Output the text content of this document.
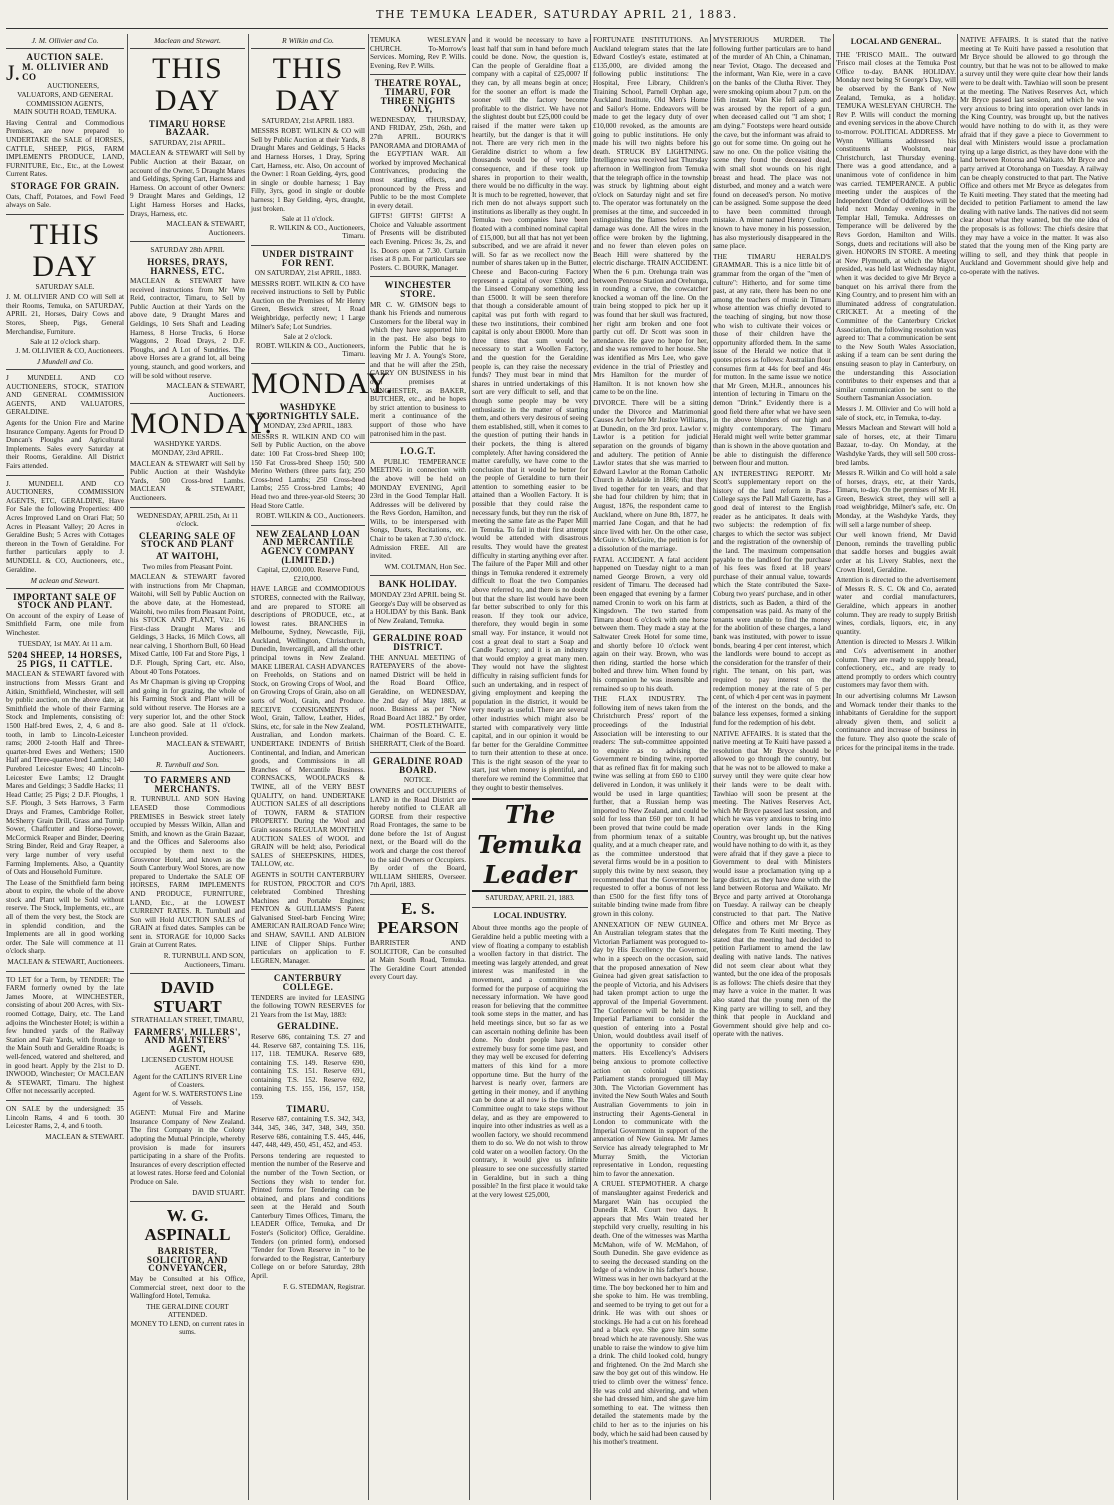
THE TEMUKA LEADER, SATURDAY APRIL 21, 1883.
J. M. Ollivier and Co.
AUCTION SALE.
J. M. OLLIVIER AND CO
AUCTIONEERS,
VALUATORS, AND GENERAL COMMISSION AGENTS,
MAIN SOUTH ROAD, TEMUKA.
Having Central and Commodious Premises, are now prepared to UNDERTAKE the SALE of HORSES, CATTLE, SHEEP, PIGS, FARM IMPLEMENTS PRODUCE, LAND, FURNITURE, Etc., Etc., at the Lowest Current Rates.
STORAGE FOR GRAIN.
Oats, Chaff, Potatoes, and Fowl Feed always on Sale.
THIS DAY
SATURDAY SALE.
J. M. OLLIVIER AND CO will Sell at their Rooms, Temuka, on SATURDAY, APRIL 21, Horses, Dairy Cows and Stores, Sheep, Pigs, General Merchandise, Furniture.
Sale at 12 o'clock sharp.
J. M. OLLIVIER & CO, Auctioneers.
J Mundell and Co.
J MUNDELL AND CO AUCTIONEERS, STOCK, STATION AND GENERAL COMMISSION AGENTS, AND VALUATORS, GERALDINE.
Agents for the Union Fire and Marine Insurance Company. Agents for Proud D Duncan's Ploughs and Agricultural Implements. Sales every Saturday at their Rooms, Geraldine. All District Fairs attended.
J. MUNDELL AND CO AUCTIONERS, COMMISSION AGENTS, ETC, GERALDINE, Have For Sale the following Properties: 400 Acres Improved Land on Orari Flat; 50 Acres in Pleasant Valley; 20 Acres in Geraldine Bush; 5 Acres with Cottages thereon in the Town of Geraldine. For further particulars apply to J. MUNDELL & CO, Auctioneers, etc., Geraldine.
M aclean and Stewart.
IMPORTANT SALE OF STOCK AND PLANT.
On account of the expiry of Lease of Smithfield Farm, one mile from Winchester.
TUESDAY, 1st MAY. At 11 a.m.
5204 SHEEP, 14 HORSES, 25 PIGS, 11 CATTLE.
MACLEAN & STEWART favored with instructions from Messrs Grant and Aitkin, Smithfield, Winchester, will sell by public auction, on the above date, at Smithfield the whole of their Farming Stock and Implements, consisting of: 1500 Half-bred Ewes, 2, 4, 6 and 8-tooth, in lamb to Lincoln-Leicester rams; 2000 2-tooth Half and Three-quarter-bred Ewes and Wethers; 1500 Half and Three-quarter-bred Lambs; 140 Purebred Leicester Ewes; 40 Lincoln-Leicester Ewe Lambs; 12 Draught Mares and Geldings; 3 Saddle Hacks; 11 Head Cattle; 25 Pigs; 2 D.F. Ploughs, 1 S.F. Plough, 3 Sets Harrows, 3 Farm Drays and Frames, Cambridge Roller, McSherry Grain Drill, Grass and Turnip Sower, Chaffcutter and Horse-power, McCormick Reaper and Binder, Deering String Binder, Reid and Gray Reaper, a very large number of very useful Farming Implements. Also, a Quantity of Oats and Household Furniture.
The Lease of the Smithfield farm being about to expire, the whole of the above stock and Plant will be Sold without reserve. The Stock, Implements, etc., are all of them the very best, the Stock are in splendid condition, and the Implements are all in good working order. The Sale will commence at 11 o'clock sharp.
MACLEAN & STEWART, Auctioneers.
TO LET for a Term, by TENDER: The FARM formerly owned by the late James Moore, at WINCHESTER, consisting of about 200 Acres, with Six-roomed Cottage, Dairy, etc. The Land adjoins the Winchester Hotel; is within a few hundred yards of the Railway Station and Fair Yards, with frontage to the Main South and Geraldine Roads; is well-fenced, watered and sheltered, and in good heart. Apply by the 21st to D. INWOOD, Winchester; Or MACLEAN & STEWART, Timaru. The highest Offer not necessarily accepted.
ON SALE by the undersigned: 35 Lincoln Rams, 4 and 6 tooth. 30 Leicester Rams, 2, 4, and 6 tooth.
MACLEAN & STEWART.
Maclean and Stewart.
THIS DAY
TIMARU HORSE BAZAAR.
SATURDAY, 21st APRIL.
MACLEAN & STEWART will Sell by Public Auction at their Bazaar, on account of the Owner, 5 Draught Mares and Geldings, Spring Cart, Harness and Harness. On account of other Owners: 9 Draught Mares and Geldings, 12 Light Harness Horses and Hacks, Drays, Harness, etc.
MACLEAN & STEWART, Auctioneers.
SATURDAY 28th APRIL
HORSES, DRAYS, HARNESS, ETC.
MACLEAN & STEWART have received instructions from Mr Wm Reid, contractor, Timaru, to Sell by Public Auction at their Yards on the above date, 9 Draught Mares and Geldings, 10 Sets Shaft and Leading Harness, 8 Horse Trucks, 6 Horse Waggons, 2 Road Drays, 2 D.F. Ploughs, and A Lot of Sundries. The above Horses are a grand lot, all being young, staunch, and good workers, and will be sold without reserve.
MACLEAN & STEWART, Auctioneers.
MONDAY.
WASHDYKE YARDS.
MONDAY, 23rd APRIL.
MACLEAN & STEWART will Sell by Public Auction at their Washdyke Yards, 500 Cross-bred Lambs. MACLEAN & STEWART, Auctioneers.
WEDNESDAY, APRIL 25th, At 11 o'clock.
CLEARING SALE OF STOCK AND PLANT
AT WAITOHI,
Two miles from Pleasant Point.
MACLEAN & STEWART favored with instructions from Mr Chapman, Waitohi, will Sell by Public Auction on the above date, at the Homestead, Waitohi, two miles from Pleasant Point, his STOCK AND PLANT, Viz.: 16 First-class Draught Mares and Geldings, 3 Hacks, 16 Milch Cows, all near calving, 1 Shorthorn Bull, 60 Head Mixed Cattle, 100 Fat and Store Pigs, 1 D.F. Plough, Spring Cart, etc. Also, About 40 Tons Potatoes.
As Mr Chapman is giving up Cropping and going in for grazing, the whole of his Farming Stock and Plant will be sold without reserve. The Horses are a very superior lot, and the other Stock are also good. Sale at 11 o'clock. Luncheon provided.
MACLEAN & STEWART, Auctioneers.
R. Turnbull and Son.
TO FARMERS AND MERCHANTS.
R. TURNBULL AND SON Having LEASED those Commodious PREMISES in Beswick street lately occupied by Messrs Wilkin, Allan and Smith, and known as the Grain Bazaar, and the Offices and Salerooms also occupied by them next to the Grosvenor Hotel, and known as the South Canterbury Wool Stores, are now prepared to Undertake the SALE OF HORSES, FARM IMPLEMENTS AND PRODUCE, FURNITURE, LAND, Etc., at the LOWEST CURRENT RATES. R. Turnbull and Son will Hold AUCTION SALES of GRAIN at fixed dates. Samples can be sent in. STORAGE for 10,000 Sacks Grain at Current Rates.
R. TURNBULL AND SON, Auctioneers, Timaru.
DAVID STUART
STRATHALLAN STREET, TIMARU,
FARMERS', MILLERS', AND MALTSTERS' AGENT,
LICENSED CUSTOM HOUSE AGENT.
Agent for the CATLIN'S RIVER Line of Coasters.
Agent for W. S. WATERSTON'S Line of Vessels.
AGENT: Mutual Fire and Marine Insurance Company of New Zealand. The first Company in the Colony adopting the Mutual Principle, whereby provision is made for insurers participating in a share of the Profits. Insurances of every description effected at lowest rates. Horse feed and Colonial Produce on Sale.
DAVID STUART.
W. G. ASPINALL
BARRISTER, SOLICITOR, AND CONVEYANCER,
May be Consulted at his Office, Commercial street, next door to the Wallingford Hotel, Temuka.
THE GERALDINE COURT ATTENDED.
MONEY TO LEND, on current rates in sums.
R Wilkin and Co.
THIS DAY
SATURDAY, 21st APRIL 1883.
MESSRS ROBT. WILKIN & CO will Sell by Public Auction at their Yards, 8 Draught Mares and Geldings, 5 Hacks and Harness Horses, 1 Dray, Spring Cart, Harness, etc. Also, On account of the Owner: 1 Roan Gelding, 4yrs, good in single or double harness; 1 Bay Filly, 3yrs, good in single or double harness; 1 Bay Gelding, 4yrs, draught, just broken.
Sale at 11 o'clock.
R. WILKIN & CO., Auctioneers, Timaru.
UNDER DISTRAINT FOR RENT.
ON SATURDAY, 21st APRIL, 1883.
MESSRS ROBT. WILKIN & CO have received instructions to Sell by Public Auction on the Premises of Mr Henry Green, Beswick street, 1 Road Weighbridge, perfectly new; 1 Large Milner's Safe; Lot Sundries.
Sale at 2 o'clock.
ROBT. WILKIN & CO., Auctioneers, Timaru.
MONDAY.
WASHDYKE FORTNIGHTLY SALE.
MONDAY, 23rd APRIL, 1883.
MESSRS R. WILKIN AND CO will Sell by Public Auction, on the above date: 100 Fat Cross-bred Sheep 100; 150 Fat Cross-bred Sheep 150; 500 Merino Wethers (three parts fat); 250 Cross-bred Lambs; 250 Cross-bred Lambs; 255 Cross-bred Lambs; 40 Head two and three-year-old Steers; 30 Head Store Cattle.
ROBT. WILKIN & CO., Auctioneers.
NEW ZEALAND LOAN AND MERCANTILE AGENCY COMPANY (LIMITED.)
Capital, £2,000,000. Reserve Fund, £210,000.
HAVE LARGE and COMMODIOUS STORES, connected with the Railway, and are prepared to STORE all descriptions of PRODUCE, etc., at lowest rates. BRANCHES in Melbourne, Sydney, Newcastle, Fiji, Auckland, Wellington, Christchurch, Dunedin, Invercargill, and all the other principal towns in New Zealand. MAKE LIBERAL CASH ADVANCES on Freeholds, on Stations and on Stock, on Growing Crops of Wool, and on Growing Crops of Grain, also on all sorts of Wool, Grain, and Produce. RECEIVE CONSIGNMENTS of Wool, Grain, Tallow, Leather, Hides, Skins, etc, for sale in the New Zealand, Australian, and London markets. UNDERTAKE INDENTS of British Continental, and Indian, and American goods, and Commissions in all Branches of Mercantile Business. CORNSACKS, WOOLPACKS & TWINE, all of the VERY BEST QUALITY, on hand. UNDERTAKE AUCTION SALES of all descriptions of TOWN, FARM & STATION PROPERTY. During the Wool and Grain seasons REGULAR MONTHLY AUCTION SALES of WOOL and GRAIN will be held; also, Periodical SALES of SHEEPSKINS, HIDES, TALLOW, etc.
AGENTS in SOUTH CANTERBURY for RUSTON, PROCTOR and CO'S celebrated Combined Threshing Machines and Portable Engines; FENTON & GUILLIAMS'S Patent Galvanised Steel-barb Fencing Wire; AMERICAN RAILROAD Fence Wire; and SHAW, SAVILL AND ALBION LINE of Clipper Ships. Further particulars on application to F. LEGREN, Manager.
CANTERBURY COLLEGE.
TENDERS are invited for LEASING the following TOWN RESERVES for 21 Years from the 1st May, 1883:
GERALDINE.
Reserve 686, containing T.S. 27 and 44. Reserve 687, containing T.S. 116, 117, 118. TEMUKA. Reserve 689, containing T.S. 149. Reserve 690, containing T.S. 151. Reserve 691, containing T.S. 152. Reserve 692, containing T.S. 155, 156, 157, 158, 159.
TIMARU.
Reserve 687, containing T.S. 342, 343, 344, 345, 346, 347, 348, 349, 350. Reserve 686, containing T.S. 445, 446, 447, 448, 449, 450, 451, 452, and 453.
Persons tendering are requested to mention the number of the Reserve and the number of the Town Section, or Sections they wish to tender for. Printed forms for Tendering can be obtained, and plans and conditions seen at the Herald and South Canterbury Times Offices, Timaru, the LEADER Office, Temuka, and Dr Foster's (Solicitor) Office, Geraldine. Tenders (on printed form), endorsed "Tender for Town Reserve in " to be forwarded to the Registrar, Canterbury College on or before Saturday, 28th April.
F. G. STEDMAN, Registrar.
TEMUKA WESLEYAN CHURCH. To-Morrow's Services. Morning, Rev P. Wills. Evening, Rev P. Wills.
THEATRE ROYAL, TIMARU, FOR THREE NIGHTS ONLY,
WEDNESDAY, THURSDAY, AND FRIDAY, 25th, 26th, and 27th APRIL. BOURK'S PANORAMA and DIORAMA of the EGYPTIAN WAR. All worked by improved Mechanical Contrivances, producing the most startling effects, and pronounced by the Press and Public to be the most Complete in every detail.
GIFTS! GIFTS! GIFTS! A Choice and Valuable assortment of Presents will be distributed each Evening. Prices: 3s, 2s, and 1s. Doors open at 7.30. Curtain rises at 8 p.m. For particulars see Posters. C. BOURK, Manager.
WINCHESTER STORE.
MR C. W. GIMSON begs to thank his Friends and numerous Customers for the liberal way in which they have supported him in the past. He also begs to inform the Public that he is leaving Mr J. A. Young's Store, and that he will after the 25th, CARRY ON BUSINESS in his own premises at WINCHESTER, as BAKER, BUTCHER, etc., and he hopes by strict attention to business to merit a continuance of the support of those who have patronised him in the past.
I.O.G.T.
A PUBLIC TEMPERANCE MEETING in connection with the above will be held on MONDAY EVENING, April 23rd in the Good Templar Hall. Addresses will be delivered by the Revs Gordon, Hamilton, and Wills, to be interspersed with Songs, Duets, Recitations, etc. Chair to be taken at 7.30 o'clock. Admission FREE. All are invited.
WM. COLTMAN, Hon Sec.
BANK HOLIDAY.
MONDAY 23rd APRIL being St. George's Day will be observed as a HOLIDAY by this Bank. Bank of New Zealand, Temuka.
GERALDINE ROAD DISTRICT.
THE ANNUAL MEETING of RATEPAYERS of the above-named District will be held in the Road Board Office, Geraldine, on WEDNESDAY, the 2nd day of May 1883, at noon. Business as per "New Road Board Act 1882." By order, WM. POSTLETHWAITE, Chairman of the Board. C. E. SHERRATT, Clerk of the Board.
GERALDINE ROAD BOARD.
NOTICE.
OWNERS and OCCUPIERS of LAND in the Road District are hereby notified to CLEAR all GORSE from their respective Road Frontages, the same to be done before the 1st of August next, or the Board will do the work and charge the cost thereof to the said Owners or Occupiers. By order of the Board, WILLIAM SHIERS, Overseer. 7th April, 1883.
E. S. PEARSON
BARRISTER AND SOLICITOR, Can be consulted at Main South Road, Temuka. The Geraldine Court attended every Court day.
and it would be necessary to have a least half that sum in hand before much could be done. Now, the question is, Can the people of Geraldine float a company with a capital of £25,000? If they can, by all means begin at once; for the sooner an effort is made the sooner will the factory become profitable to the district. We have not the slightest doubt but £25,000 could be raised if the matter were taken up heartily, but the danger is that it will not. There are very rich men in the Geraldine district to whom a few thousands would be of very little consequence, and if these took up shares in proportion to their wealth, there would be no difficulty in the way. It is much to be regretted, however, that rich men do not always support such institutions as liberally as they ought. In Temuka two companies have been floated with a combined nominal capital of £15,000, but all that has not yet been subscribed, and we are afraid it never will. So far as we recollect now the number of shares taken up in the Butter, Cheese and Bacon-curing Factory represent a capital of over £3000, and the Linseed Company something less than £5000. It will be seen therefore that though a considerable amount of capital was put forth with regard to these two institutions, their combined capital is only about £8000. More than three times that sum would be necessary to start a Woollen Factory, and the question for the Geraldine people is, can they raise the necessary funds? They must bear in mind that shares in untried undertakings of this sort are very difficult to sell, and that though some people may be very enthusiastic in the matter of starting them, and others very desirous of seeing them established, still, when it comes to the question of putting their hands in their pockets, the thing is altered completely. After having considered the matter carefully, we have come to the conclusion that it would be better for the people of Geraldine to turn their attention to something easier to be attained than a Woollen Factory. It is possible that they could raise the necessary funds, but they run the risk of meeting the same fate as the Paper Mill in Temuka. To fail in their first attempt would be attended with disastrous results. They would have the greatest difficulty in starting anything ever after. The failure of the Paper Mill and other things in Temuka rendered it extremely difficult to float the two Companies above referred to, and there is no doubt but that the share list would have been far better subscribed to only for this reason. If they took our advice, therefore, they would begin in some small way. For instance, it would not cost a great deal to start a Soap and Candle Factory; and it is an industry that would employ a great many men. They would not have the slightest difficulty in raising sufficient funds for such an undertaking, and in respect of giving employment and keeping the population in the district, it would be very nearly as useful. There are several other industries which might also be started with comparatively very little capital, and in our opinion it would be far better for the Geraldine Committee to turn their attention to these at once. This is the right season of the year to start, just when money is plentiful, and therefore we remind the Committee that they ought to bestir themselves.
The Temuka Leader
SATURDAY, APRIL 21, 1883.
LOCAL INDUSTRY.
About three months ago the people of Geraldine held a public meeting with a view of floating a company to establish a woollen factory in that district. The meeting was largely attended, and great interest was manifested in the movement, and a committee was formed for the purpose of acquiring the necessary information. We have good reason for believing that the committee took some steps in the matter, and has held meetings since, but so far as we can ascertain nothing definite has been done. No doubt people have been extremely busy for some time past, and they may well be excused for deferring matters of this kind for a more opportune time. But the hurry of the harvest is nearly over, farmers are getting in their money, and if anything can be done at all now is the time. The Committee ought to take steps without delay, and as they are empowered to inquire into other industries as well as a woollen factory, we should recommend them to do so. We do not wish to throw cold water on a woollen factory. On the contrary, it would give us infinite pleasure to see one successfully started in Geraldine, but in such a thing possible? In the first place it would take at the very lowest £25,000,
FORTUNATE INSTITUTIONS. An Auckland telegram states that the late Edward Costley's estate, estimated at £135,000, are divided among the following public institutions: The Hospital, Free Library, Children's Training School, Parnell Orphan age, Auckland Institute, Old Men's Home and Sailor's Home. Endeavors will be made to get the legacy duty of over £10,000 revoked, as the amounts are going to public institutions. He only made his will two nights before his death. STRUCK BY LIGHTNING. Intelligence was received last Thursday afternoon in Wellington from Temuka that the telegraph office in the township was struck by lightning about eight o'clock on Saturday night and set fire to. The operator was fortunately on the premises at the time, and succeeded in extinguishing the flames before much damage was done. All the wires in the office were broken by the lightning, and no fewer than eleven poles on Beach Hill were shattered by the electric discharge. TRAIN ACCIDENT. When the 6 p.m. Orehunga train was between Penrose Station and Orehunga, in rounding a curve, the cowcatcher knocked a woman off the line. On the train being stopped to pick her up it was found that her skull was fractured, her right arm broken and one foot partly cut off. Dr Scott was soon in attendance. He gave no hope for her, and she was removed to her house. She was identified as Mrs Lee, who gave evidence in the trial of Priestley and Mrs Hamilton for the murder of Hamilton. It is not known how she came to be on the line.
DIVORCE. There will be a sitting under the Divorce and Matrimonial Causes Act before Mr Justice Williams, at Dunedin, on the 3rd prox. Lawlor v. Lawlor is a petition for judicial separation on the grounds of bigamy and adultery. The petition of Annie Lawlor states that she was married to Edward Lawlor at the Roman Catholic Church in Adelaide in 1866; that they lived together for ten years, and that she had four children by him; that in August, 1876, the respondent came to Auckland, where on June 8th, 1877, he married Jane Cogan, and that he had since lived with her. On the other case, McGuire v. McGuire, the petition is for a dissolution of the marriage.
FATAL ACCIDENT. A fatal accident happened on Tuesday night to a man named George Brown, a very old resident of Timaru. The deceased had been engaged that evening by a farmer named Cronin to work on his farm at Kingsdown. The two started from Timaru about 6 o'clock with one horse between them. They made a stay at the Saltwater Creek Hotel for some time, and shortly before 10 o'clock went again on their way. Brown, who was then riding, startled the horse which bolted and threw him. When found by his companion he was insensible and remained so up to his death.
THE FLAX INDUSTRY. The following item of news taken from the Christchurch Press' report of the proceedings of the Industrial Association will be interesting to our readers: The sub-committee appointed to enquire as to advising the Government re binding twine, reported that as refined flax fit for making such twine was selling at from £60 to £100 delivered in London, it was unlikely it would be used in large quantities; further, that a Russian hemp was imported to New Zealand, and could be sold for less than £60 per ton. It had been proved that twine could be made from phormium tenax of a suitable quality, and at a much cheaper rate, and as the committee understood that several firms would be in a position to supply this twine by next season, they recommended that the Government be requested to offer a bonus of not less than £500 for the first fifty tons of suitable binding twine made from fibre grown in this colony.
ANNEXATION OF NEW GUINEA. An Australian telegram states that the Victorian Parliament was prorogued to-day by His Excellency the Governor, who in a speech on the occasion, said that the proposed annexation of New Guinea had given great satisfaction to the people of Victoria, and his Advisers had taken prompt action to urge the approval of the Imperial Government. The Conference will be held in the Imperial Parliament to consider the question of entering into a Postal Union, would doubtless avail itself of the opportunity to consider other matters. His Excellency's Advisers being anxious to promote collective action on colonial questions. Parliament stands prorogued till May 30th. The Victorian Government has invited the New South Wales and South Australian Governments to join in instructing their Agents-General in London to communicate with the Imperial Government in support of the annexation of New Guinea. Mr James Service has already telegraphed to Mr Murray Smith, the Victorian representative in London, requesting him to favor the annexation.
A CRUEL STEPMOTHER. A charge of manslaughter against Frederick and Margaret Wain has occupied the Dunedin R.M. Court two days. It appears that Mrs Wain treated her stepchild very cruelly, resulting in his death. One of the witnesses was Martha McMahon, wife of W. McMahon, of South Dunedin. She gave evidence as to seeing the deceased standing on the ledge of a window in his father's house. Witness was in her own backyard at the time. The boy beckoned her to him and she spoke to him. He was trembling, and seemed to be trying to get out for a drink. He was with out shoes or stockings. He had a cut on his forehead and a black eye. She gave him some bread which he ate ravenously. She was unable to raise the window to give him a drink. The child looked cold, hungry and frightened. On the 2nd March she saw the boy get out of this window. He tried to climb over the witness' fence. He was cold and shivering, and when she had dressed him, and she gave him something to eat. The witness then detailed the statements made by the child to her as to the injuries on his body, which he said had been caused by his mother's treatment.
MYSTERIOUS MURDER. The following further particulars are to hand of the murder of Ah Chin, a Chinaman, near Teviot, Otago. The deceased and the informant, Wan Kie, were in a cave on the banks of the Clutha River. They were smoking opium about 7 p.m. on the 16th instant. Wan Kie fell asleep and was aroused by the report of a gun, when deceased called out "I am shot; I am dying." Footsteps were heard outside the cave, but the informant was afraid to go out for some time. On going out he saw no one. On the police visiting the scene they found the deceased dead, with small shot wounds on his right breast and head. The place was not disturbed, and money and a watch were found on deceased's person. No motive can be assigned. Some suppose the deed to have been committed through mistake. A miner named Henry Coulter, known to have money in his possession, has also mysteriously disappeared in the same place.
THE TIMARU HERALD'S GRAMMAR. This is a nice little bit of grammar from the organ of the "men of culture": Hitherto, and for some time past, at any rate, there has been no one among the teachers of music in Timaru whose attention was chiefly devoted to the teaching of singing, but now those who wish to cultivate their voices or those of their children have the opportunity afforded them. In the same issue of the Herald we notice that it quotes prices as follows: Australian flour consumes firm at 44s for beef and 46s for mutton. In the same issue we notice that Mr Green, M.H.R., announces his intention of lecturing in Timaru on the demon "Drink." Evidently there is a good field there after what we have seen in the above blunders of our high and mighty contemporary. The Timaru Herald might well write better grammar than is shown in the above quotation and be able to distinguish the difference between flour and mutton.
AN INTERESTING REPORT. Mr Scott's supplementary report on the history of the land reform in Pass-College says the Pall Mall Gazette, has a good deal of interest to the English reader as he anticipates. It deals with two subjects: the redemption of fix charges to which the sector was subject and the registration of the ownership of the land. The maximum compensation payable to the landlord for the purchase of his fees was fixed at 18 years' purchase of their annual value, towards which the State contributed the Saxe-Coburg two years' purchase, and in other districts, such as Baden, a third of the compensation was paid. As many of the tenants were unable to find the money for the abolition of these charges, a land bank was instituted, with power to issue bonds, bearing 4 per cent interest, which the landlords were bound to accept as the consideration for the transfer of their right. The tenant, on his part, was required to pay interest on the redemption money at the rate of 5 per cent, of which 4 per cent was in payment of the interest on the bonds, and the balance less expenses, formed a sinking fund for the redemption of his debt.
NATIVE AFFAIRS. It is stated that the native meeting at Te Kuiti have passed a resolution that Mr Bryce should be allowed to go through the country, but that he was not to be allowed to make a survey until they were quite clear how their lands were to be dealt with. Tawhiao will soon be present at the meeting. The Natives Reserves Act, which Mr Bryce passed last session, and which he was very anxious to bring into operation over lands in the King Country, was brought up, but the natives would have nothing to do with it, as they were afraid that if they gave a piece to Government to deal with Ministers would issue a proclamation tying up a large district, as they have done with the land between Rotorua and Waikato. Mr Bryce and party arrived at Otorohanga on Tuesday. A railway can be cheaply constructed to that part. The Native Office and others met Mr Bryce as delegates from Te Kuiti meeting. They stated that the meeting had decided to petition Parliament to amend the law dealing with native lands. The natives did not seem clear about what they wanted, but the one idea of the proposals is as follows: The chiefs desire that they may have a voice in the matter. It was also stated that the young men of the King party are willing to sell, and they think that people in Auckland and Government should give help and co-operate with the natives.
LOCAL AND GENERAL.
THE 'FRISCO MAIL. The outward 'Frisco mail closes at the Temuka Post Office to-day. BANK HOLIDAY. Monday next being St George's Day, will be observed by the Bank of New Zealand, Temuka, as a holiday. TEMUKA WESLEYAN CHURCH. The Rev P. Wills will conduct the morning and evening services in the above Church to-morrow. POLITICAL ADDRESS. Mr Wynn Williams addressed his constituents at Woolston, near Christchurch, last Thursday evening. There was a good attendance, and a unanimous vote of confidence in him was carried. TEMPERANCE. A public meeting under the auspices of the Independent Order of Oddfellows will be held next Monday evening in the Templar Hall, Temuka. Addresses on Temperance will be delivered by the Revs Gordon, Hamilton and Wills. Songs, duets and recitations will also be given. HONORS IN STORE. A meeting at New Plymouth, at which the Mayor presided, was held last Wednesday night, when it was decided to give Mr Bryce a banquet on his arrival there from the King Country, and to present him with an illuminated address of congratulation. CRICKET. At a meeting of the Committee of the Canterbury Cricket Association, the following resolution was agreed to: That a communication be sent to the New South Wales Association, asking if a team can be sent during the ensuing season to play in Canterbury, on the understanding this Association contributes to their expenses and that a similar communication be sent to the Southern Tasmanian Association.
Messrs J. M. Ollivier and Co will hold a sale of stock, etc, in Temuka, to-day.
Messrs Maclean and Stewart will hold a sale of horses, etc, at their Timaru Bazaar, to-day. On Monday, at the Washdyke Yards, they will sell 500 cross-bred lambs.
Messrs R. Wilkin and Co will hold a sale of horses, drays, etc, at their Yards, Timaru, to-day. On the premises of Mr H. Green, Beswick street, they will sell a road weighbridge, Milner's safe, etc. On Monday, at the Washdyke Yards, they will sell a large number of sheep.
Our well known friend, Mr David Denoon, reminds the travelling public that saddle horses and buggies await order at his Livery Stables, next the Crown Hotel, Geraldine.
Attention is directed to the advertisement of Messrs R. S. C. Ok and Co, aerated water and cordial manufacturers, Geraldine, which appears in another column. They are ready to supply British wines, cordials, liquors, etc, in any quantity.
Attention is directed to Messrs J. Wilkin and Co's advertisement in another column. They are ready to supply bread, confectionery, etc., and are ready to attend promptly to orders which country customers may favor them with.
In our advertising columns Mr Lawson and Wornack tender their thanks to the inhabitants of Geraldine for the support already given them, and solicit a continuance and increase of business in the future. They also quote the scale of prices for the principal items in the trade.
NATIVE AFFAIRS. It is stated that the native meeting at Te Kuiti have passed a resolution that Mr Bryce should be allowed to go through the country, but that he was not to be allowed to make a survey until they were quite clear how their lands were to be dealt with. Tawhiao will soon be present at the meeting. The Natives Reserves Act, which Mr Bryce passed last session, and which he was very anxious to bring into operation over lands in the King Country, was brought up, but the natives would have nothing to do with it, as they were afraid that if they gave a piece to Government to deal with Ministers would issue a proclamation tying up a large district, as they have done with the land between Rotorua and Waikato. Mr Bryce and party arrived at Otorohanga on Tuesday. A railway can be cheaply constructed to that part. The Native Office and others met Mr Bryce as delegates from Te Kuiti meeting. They stated that the meeting had decided to petition Parliament to amend the law dealing with native lands. The natives did not seem clear about what they wanted, but the one idea of the proposals is as follows: The chiefs desire that they may have a voice in the matter. It was also stated that the young men of the King party are willing to sell, and they think that people in Auckland and Government should give help and co-operate with the natives.
